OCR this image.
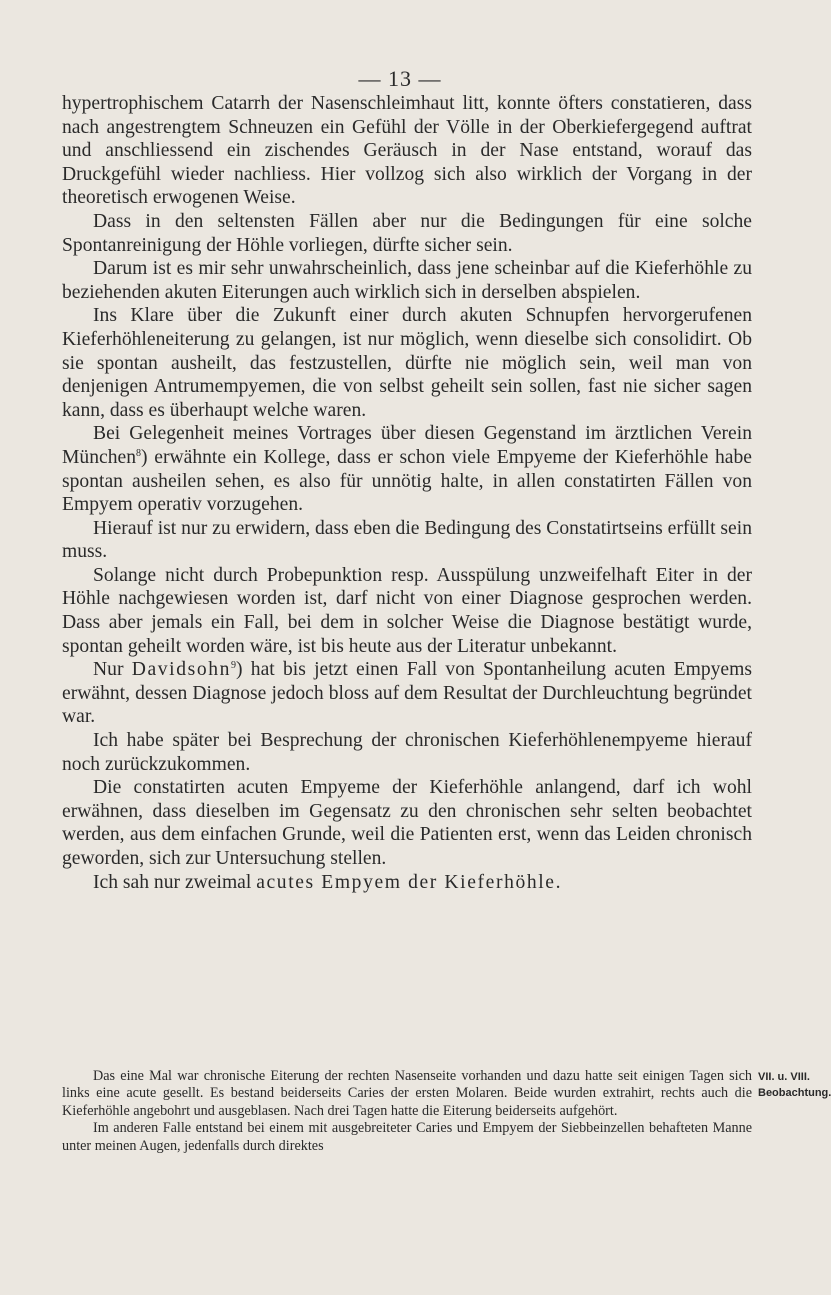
— 13 —

hypertrophischem Catarrh der Nasenschleimhaut litt, konnte öfters constatieren, dass nach angestrengtem Schneuzen ein Gefühl der Völle in der Oberkiefergegend auftrat und anschliessend ein zischendes Geräusch in der Nase entstand, worauf das Druckgefühl wieder nachliess. Hier vollzog sich also wirklich der Vorgang in der theoretisch erwogenen Weise.

Dass in den seltensten Fällen aber nur die Bedingungen für eine solche Spontanreinigung der Höhle vorliegen, dürfte sicher sein.

Darum ist es mir sehr unwahrscheinlich, dass jene scheinbar auf die Kieferhöhle zu beziehenden akuten Eiterungen auch wirklich sich in derselben abspielen.

Ins Klare über die Zukunft einer durch akuten Schnupfen hervorgerufenen Kieferhöhleneiterung zu gelangen, ist nur möglich, wenn dieselbe sich consolidirt. Ob sie spontan ausheilt, das festzustellen, dürfte nie möglich sein, weil man von denjenigen Antrumempyemen, die von selbst geheilt sein sollen, fast nie sicher sagen kann, dass es überhaupt welche waren.

Bei Gelegenheit meines Vortrages über diesen Gegenstand im ärztlichen Verein München$^8$) erwähnte ein Kollege, dass er schon viele Empyeme der Kieferhöhle habe spontan ausheilen sehen, es also für unnötig halte, in allen constatirten Fällen von Empyem operativ vorzugehen.

Hierauf ist nur zu erwidern, dass eben die Bedingung des Constatirtseins erfüllt sein muss.

Solange nicht durch Probepunktion resp. Ausspülung unzweifelhaft Eiter in der Höhle nachgewiesen worden ist, darf nicht von einer Diagnose gesprochen werden. Dass aber jemals ein Fall, bei dem in solcher Weise die Diagnose bestätigt wurde, spontan geheilt worden wäre, ist bis heute aus der Literatur unbekannt.

Nur Davidsohn$^9$) hat bis jetzt einen Fall von Spontanheilung acuten Empyems erwähnt, dessen Diagnose jedoch bloss auf dem Resultat der Durchleuchtung begründet war.

Ich habe später bei Besprechung der chronischen Kieferhöhlenempyeme hierauf noch zurückzukommen.

Die constatirten acuten Empyeme der Kieferhöhle anlangend, darf ich wohl erwähnen, dass dieselben im Gegensatz zu den chronischen sehr selten beobachtet werden, aus dem einfachen Grunde, weil die Patienten erst, wenn das Leiden chronisch geworden, sich zur Untersuchung stellen.

Ich sah nur zweimal acutes Empyem der Kieferhöhle.

Das eine Mal war chronische Eiterung der rechten Nasenseite vorhanden und dazu hatte seit einigen Tagen sich links eine acute gesellt. Es bestand beiderseits Caries der ersten Molaren. Beide wurden extrahirt, rechts auch die Kieferhöhle angebohrt und ausgeblasen. Nach drei Tagen hatte die Eiterung beiderseits aufgehört.

Im anderen Falle entstand bei einem mit ausgebreiteter Caries und Empyem der Siebbeinzellen behafteten Manne unter meinen Augen, jedenfalls durch direktes

VII. u. VIII.
Beobachtung.
